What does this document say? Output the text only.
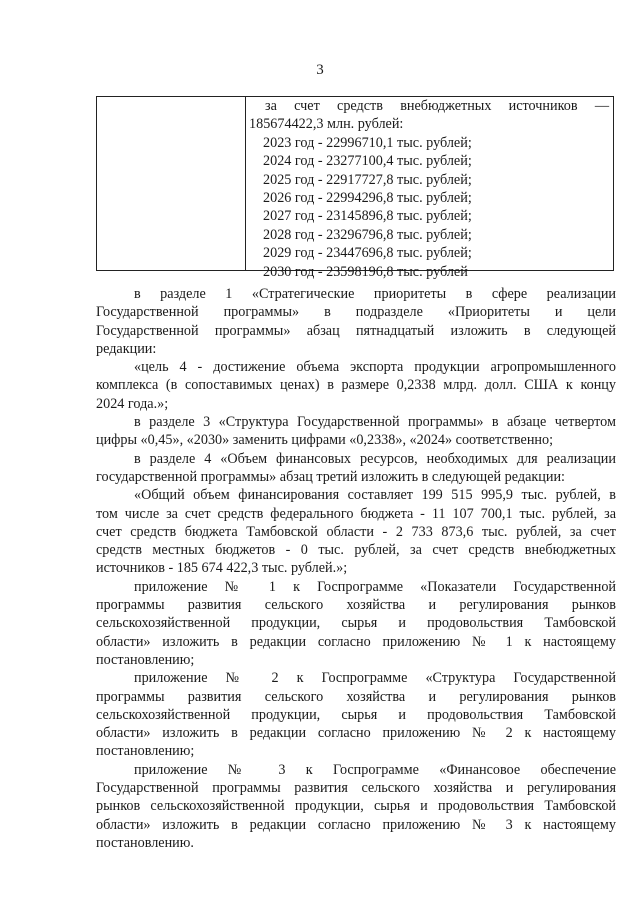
3
за счет средств внебюджетных источников —
185674422,3 млн. рублей:
2023 год - 22996710,1 тыс. рублей;
2024 год - 23277100,4 тыс. рублей;
2025 год - 22917727,8 тыс. рублей;
2026 год - 22994296,8 тыс. рублей;
2027 год - 23145896,8 тыс. рублей;
2028 год - 23296796,8 тыс. рублей;
2029 год - 23447696,8 тыс. рублей;
2030 год - 23598196,8 тыс. рублей
в разделе 1 «Стратегические приоритеты в сфере реализации
Государственной программы» в подразделе «Приоритеты и цели
Государственной программы» абзац пятнадцатый изложить в следующей
редакции:
«цель 4 - достижение объема экспорта продукции агропромышленного
комплекса (в сопоставимых ценах) в размере 0,2338 млрд. долл. США к концу
2024 года.»;
в разделе 3 «Структура Государственной программы» в абзаце четвертом
цифры «0,45», «2030» заменить цифрами «0,2338», «2024» соответственно;
в разделе 4 «Объем финансовых ресурсов, необходимых для реализации
государственной программы» абзац третий изложить в следующей редакции:
«Общий объем финансирования составляет 199 515 995,9 тыс. рублей, в
том числе за счет средств федерального бюджета - 11 107 700,1 тыс. рублей, за
счет средств бюджета Тамбовской области - 2 733 873,6 тыс. рублей, за счет
средств местных бюджетов - 0 тыс. рублей, за счет средств внебюджетных
источников - 185 674 422,3 тыс. рублей.»;
приложение № 1 к Госпрограмме «Показатели Государственной
программы развития сельского хозяйства и регулирования рынков
сельскохозяйственной продукции, сырья и продовольствия Тамбовской
области» изложить в редакции согласно приложению № 1 к настоящему
постановлению;
приложение № 2 к Госпрограмме «Структура Государственной
программы развития сельского хозяйства и регулирования рынков
сельскохозяйственной продукции, сырья и продовольствия Тамбовской
области» изложить в редакции согласно приложению № 2 к настоящему
постановлению;
приложение № 3 к Госпрограмме «Финансовое обеспечение
Государственной программы развития сельского хозяйства и регулирования
рынков сельскохозяйственной продукции, сырья и продовольствия Тамбовской
области» изложить в редакции согласно приложению № 3 к настоящему
постановлению.
